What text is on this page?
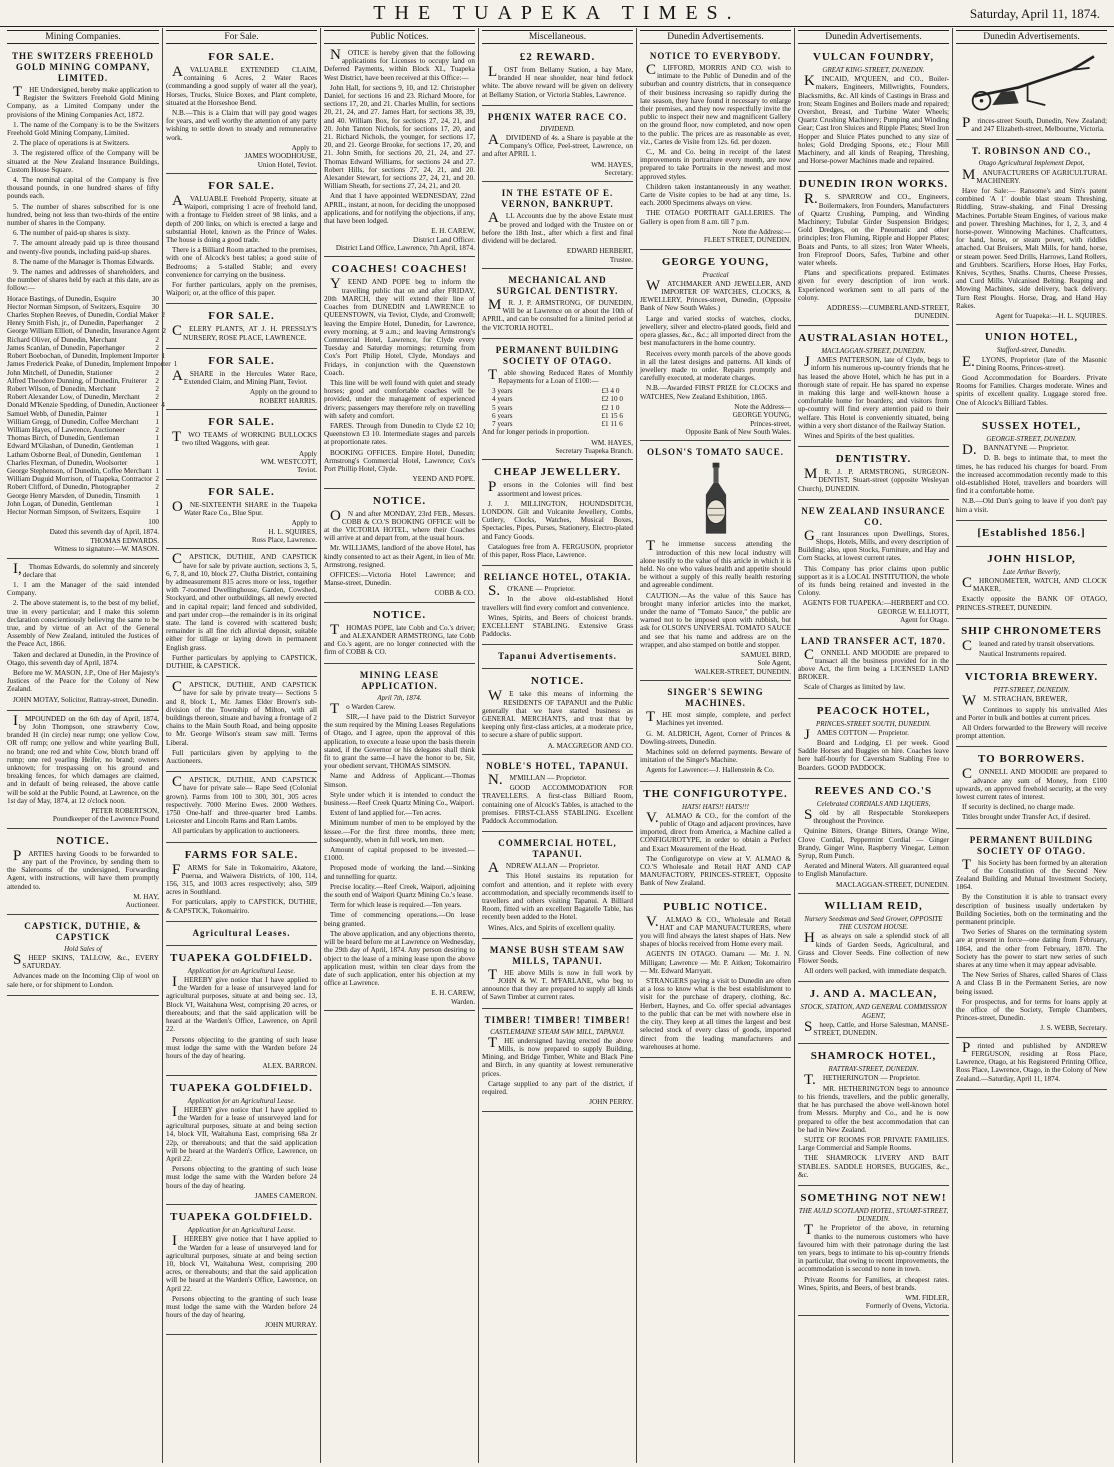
THE TUAPEKA TIMES.	Saturday, April 11, 1874.
Mining Companies.
THE SWITZERS FREEHOLD GOLD MINING COMPANY, LIMITED.

THE Undersigned, hereby make application to Register the Switzers Freehold Gold Mining Company, as a Limited Company under the provisions of the Mining Companies Act, 1872.

1. The name of the Company is to be the Switzers Freehold Gold Mining Company, Limited.

2. The place of operations is at Switzers.

3. The registered office of the Company will be situated at the New Zealand Insurance Buildings, Custom House Square.

4. The nominal capital of the Company is five thousand pounds, in one hundred shares of fifty pounds each.

5. The number of shares subscribed for is one hundred, being not less than two-thirds of the entire number of shares in the Company.

6. The number of paid-up shares is sixty.

7. The amount already paid up is three thousand and twenty-five pounds, including paid-up shares.

8. The name of the Manager is Thomas Edwards.

9. The names and addresses of shareholders, and the number of shares held by each at this date, are as follow:—

Horace Bastings, of Dunedin, Esquire	30
Hector Norman Simpson, of Switzers, Esquire	30
Charles Stephen Reeves, of Dunedin, Cordial Maker 2
Henry Smith Fish, jr., of Dunedin, Paperhanger	2
George William Elliott, of Dunedin, Insurance Agent 2
Richard Oliver, of Dunedin, Merchant	2
James Scanlan, of Dunedin, Paperhanger	2
Robert Boebochan, of Dunedin, Implement Importer 1
James Frederick Peake, of Dunedin, Implement Importer 1
John Mitchell, of Dunedin, Stationer	2
Alfred Theodore Dunning, of Dunedin, Fruiterer	2
Robert Wilson, of Dunedin, Merchant	2
Robert Alexander Low, of Dunedin, Merchant	2
Donald M'Kenzie Spedding, of Dunedin, Auctioneer 4
Samuel Webb, of Dunedin, Painter	1
William Gregg, of Dunedin, Coffee Merchant	1
William Hayes, of Lawrence, Auctioneer	2
Thomas Birch, of Dunedin, Gentleman	1
Edward M'Glashan, of Dunedin, Gentleman	1
Latham Osborne Beal, of Dunedin, Gentleman	1
Charles Flexman, of Dunedin, Woolsorter	1
George Stephenson, of Dunedin, Coffee Merchant 1
William Duguid Morrison, of Tuapeka, Contractor 2
Robert Clifford, of Dunedin, Photographer	2
George Henry Marsden, of Dunedin, Tinsmith	1
John Logan, of Dunedin, Gentleman	1
Hector Norman Simpson, of Switzers, Esquire	1
100
Dated this seventh day of April, 1874.
THOMAS EDWARDS.
Witness to signature:—W. MASON.

I,Thomas Edwards, do solemnly and sincerely declare that

1. I am the Manager of the said intended Company.

2. The above statement is, to the best of my belief, true in every particular; and I make this solemn declaration conscientiously believing the same to be true, and by virtue of an Act of the General Assembly of New Zealand, intituled the Justices of the Peace Act, 1866.

Taken and declared at Dunedin, in the Province of Otago, this seventh day of April, 1874.

Before me W. MASON, J.P., One of Her Majesty's Justices of the Peace for the Colony of New Zealand.

JOHN MOTAY, Solicitor, Rattray-street, Dunedin.

IMPOUNDED on the 6th day of April, 1874, by John Thompson, one strawberry Cow, branded H (in circle) near rump; one yellow Cow, OR off rump; one yellow and white yearling Bull, no brand; one red and white Cow, blotch brand off rump; one red yearling Heifer, no brand; owners unknown; for trespassing on his ground and breaking fences, for which damages are claimed, and in default of being released, the above cattle will be sold at the Public Pound, at Lawrence, on the 1st day of May, 1874, at 12 o'clock noon.

PETER ROBERTSON,
Poundkeeper of the Lawrence Pound
NOTICE.

PARTIES having Goods to be forwarded to any part of the Province, by sending them to the Salerooms of the undersigned, Forwarding Agent, with instructions, will have them promptly attended to.

M. HAY,
Auctioneer.
CAPSTICK, DUTHIE, & CAPSTICK
Hold Sales of

SHEEP SKINS, TALLOW, &c., EVERY SATURDAY.

Advances made on the Incoming Clip of wool on sale here, or for shipment to London.

For Sale.
FOR SALE.

AVALUABLE EXTENDED CLAIM, containing 6 Acres, 2 Water Races (commanding a good supply of water all the year), Horses, Trucks, Sluice Boxes, and Plant complete, situated at the Horseshoe Bend.

N.B.—This is a Claim that will pay good wages for years, and well worthy the attention of any party wishing to settle down to steady and remunerative work.

Apply to
JAMES WOODHOUSE,
Union Hotel, Teviot.
FOR SALE.

AVALUABLE Freehold Property, situate at Waipori, comprising 1 acre of freehold land, with a frontage to Fielden street of 98 links, and a depth of 200 links, on which is erected a large and substantial Hotel, known as the Prince of Wales. The house is doing a good trade.

There is a Billiard Room attached to the premises, with one of Alcock's best tables; a good suite of Bedrooms; a 5-stalled Stable; and every convenience for carrying on the business.

For further particulars, apply on the premises, Waipori; or, at the office of this paper.

FOR SALE.

CELERY PLANTS, AT J. H. PRESSLY'S NURSERY, ROSE PLACE, LAWRENCE.

FOR SALE.

ASHARE in the Hercules Water Race, Extended Claim, and Mining Plant, Teviot.

Apply on the ground to
ROBERT HARRIS.
FOR SALE.

TWO TEAMS of WORKING BULLOCKS two tilted Waggons, with gear.

Apply
WM. WESTCOTT,
Teviot.
FOR SALE.

ONE-SIXTEENTH SHARE in the Tuapeka Water Race Co., Blue Spur.

Apply to
H. L. SQUIRES,
Ross Place, Lawrence.

CAPSTICK, DUTHIE, AND CAPSTICK have for sale by private auction, sections 3, 5, 6, 7, 8, and 10, block 27, Clutha District, containing by admeasurement 815 acres more or less, together with 7-roomed Dwellinghouse, Garden, Cowshed, Stockyard, and other outbuildings, all newly erected and in capital repair; land fenced and subdivided, and part under crop—the remainder is in its original state. The land is covered with scattered bush; remainder is all fine rich alluvial deposit, suitable either for tillage or laying down in permanent English grass.

Further particulars by applying to CAPSTICK, DUTHIE, & CAPSTICK.

CAPSTICK, DUTHIE, AND CAPSTICK have for sale by private treaty— Sections 5 and 8, block I., Mr. James Elder Brown's sub-division of the Township of Milton, with all buildings thereon, situate and having a frontage of 2 chains to the Main South Road, and being opposite to Mr. George Wilson's steam saw mill. Terms Liberal.

Full particulars given by applying to the Auctioneers.

CAPSTICK, DUTHIE, AND CAPSTICK have for private sale— Rape Seed (Colonial grown). Farms from 100 to 300, 301, 305 acres respectively. 7000 Merino Ewes. 2000 Wethers. 1750 One-half and three-quarter bred Lambs. Leicester and Lincoln Rams and Ram Lambs.

All particulars by application to auctioneers.

FARMS FOR SALE.

FARMS for Sale in Tokomairiro, Akatore, Puerua, and Waiwera Districts, of 100, 114, 156, 315, and 1003 acres respectively; also, 509 acres in Southland.

For particulars, apply to CAPSTICK, DUTHIE, & CAPSTICK, Tokomairiro.

Agricultural Leases.
TUAPEKA GOLDFIELD.
Application for an Agricultural Lease.

IHEREBY give notice that I have applied to the Warden for a lease of unsurveyed land for agricultural purposes, situate at and being sec. 13, Block VI, Waitahuna West, comprising 20 acres, or thereabouts; and that the said application will be heard at the Warden's Office, Lawrence, on April 22.

Persons objecting to the granting of such lease must lodge the same with the Warden before 24 hours of the day of hearing.

ALEX. BARRON.
TUAPEKA GOLDFIELD.
Application for an Agricultural Lease.

IHEREBY give notice that I have applied to the Warden for a lease of unsurveyed land for agricultural purposes, situate at and being section 14, block VII, Waitahuna East, comprising 68a 2r 22p, or thereabouts; and that the said application will be heard at the Warden's Office, Lawrence, on April 22.

Persons objecting to the granting of such lease must lodge the same with the Warden before 24 hours of the day of hearing.

JAMES CAMERON.
TUAPEKA GOLDFIELD.
Application for an Agricultural Lease.

IHEREBY give notice that I have applied to the Warden for a lease of unsurveyed land for agricultural purposes, situate at and being section 10, block VI, Waitahuna West, comprising 200 acres, or thereabouts; and that the said application will be heard at the Warden's Office, Lawrence, on April 22.

Persons objecting to the granting of such lease must lodge the same with the Warden before 24 hours of the day of hearing.

JOHN MURRAY.
Public Notices.

NOTICE is hereby given that the following applications for Licenses to occupy land on Deferred Payments, within Block XI., Tuapeka West District, have been received at this Office:—

John Hall, for sections 9, 10, and 12. Christopher Daniel, for sections 16 and 23. Richard Moore, for sections 17, 20, and 21. Charles Mullin, for sections 20, 21, 24, and 27. James Hart, for sections 38, 39, and 40. William Box, for sections 27, 24, 21, and 20. John Tanton Nichols, for sections 17, 20, and 21. Richard Nichols, the younger, for sections 17, 20, and 21. George Brooke, for sections 17, 20, and 21. John Smith, for sections 20, 21, 24, and 27. Thomas Edward Williams, for sections 24 and 27. Robert Hills, for sections 27, 24, 21, and 20. Alexander Stewart, for sections 27, 24, 21, and 20. William Sheath, for sections 27, 24, 21, and 20.

And that I have appointed WEDNESDAY, 22nd APRIL, instant, at noon, for deciding the unopposed applications, and for notifying the objections, if any, that have been lodged.

E. H. CAREW,
District Land Officer.
District Land Office, Lawrence, 7th April, 1874.
COACHES! COACHES!

YEEND AND POPE beg to inform the travelling public that on and after FRIDAY, 20th MARCH, they will extend their line of Coaches from DUNEDIN and LAWRENCE to QUEENSTOWN, via Teviot, Clyde, and Cromwell; leaving the Empire Hotel, Dunedin, for Lawrence, every morning, at 9 a.m.; and leaving Armstrong's Commercial Hotel, Lawrence, for Clyde every Tuesday and Saturday mornings; returning from Cox's Port Philip Hotel, Clyde, Mondays and Fridays, in conjunction with the Queenstown Coach.

This line will be well found with quiet and steady horses; good and comfortable coaches will be provided, under the management of experienced drivers; passengers may therefore rely on travelling with safety and comfort.

FARES. Through from Dunedin to Clyde £2 10; Queenstown £3 10. Intermediate stages and parcels at proportionate rates.

BOOKING OFFICES. Empire Hotel, Dunedin; Armstrong's Commercial Hotel, Lawrence; Cox's Port Phillip Hotel, Clyde.

YEEND AND POPE.
NOTICE.

ON and after MONDAY, 23rd FEB., Messrs. COBB & CO.'S BOOKING OFFICE will be at the VICTORIA HOTEL, where their Coaches will arrive at and depart from, at the usual hours.

Mr. WILLIAMS, landlord of the above Hotel, has kindly consented to act as their Agent, in lieu of Mr. Armstrong, resigned.

OFFICES:—Victoria Hotel Lawrence; and Manse-street, Dunedin.

COBB & CO.
NOTICE.

THOMAS POPE, late Cobb and Co.'s driver; and ALEXANDER ARMSTRONG, late Cobb and Co.'s agent, are no longer connected with the firm of COBB & CO.

MINING LEASE APPLICATION.
April 7th, 1874.

To Warden Carew.

SIR,—I have paid to the District Surveyor the sum required by the Mining Leases Regulations of Otago, and I agree, upon the approval of this application, to execute a lease upon the basis therein stated, if the Governor or his delegates shall think fit to grant the same—I have the honor to be, Sir, your obedient servant, THOMAS SIMSON.

Name and Address of Applicant.—Thomas Simson.

Style under which it is intended to conduct the business.—Reef Creek Quartz Mining Co., Waipori.

Extent of land applied for.—Ten acres.

Minimum number of men to be employed by the lessee.—For the first three months, three men; subsequently, when in full work, ten men.

Amount of capital proposed to be invested.—£1000.

Proposed mode of working the land.—Sinking and tunnelling for quartz.

Precise locality.—Reef Creek, Waipori, adjoining the south end of Waipori Quartz Mining Co.'s lease.

Term for which lease is required.—Ten years.

Time of commencing operations.—On lease being granted.

The above application, and any objections thereto, will be heard before me at Lawrence on Wednesday, the 29th day of April, 1874. Any person desiring to object to the lease of a mining lease upon the above application must, within ten clear days from the date of such application, enter his objection at my office at Lawrence.

E. H. CAREW,
Warden.
Miscellaneous.
£2 REWARD.

LOST from Bellamy Station, a bay Mare, branded H near shoulder, near hind fetlock white. The above reward will be given on delivery at Bellamy Station, or Victoria Stables, Lawrence.

PHŒNIX WATER RACE CO.
DIVIDEND.

ADIVIDEND of 4s. a Share is payable at the Company's Office, Peel-street, Lawrence, on and after APRIL 1.

WM. HAYES,
Secretary.
IN THE ESTATE OF E. VERNON, BANKRUPT.

ALL Accounts due by the above Estate must be proved and lodged with the Trustee on or before the 18th Inst., after which a first and final dividend will be declared.

EDWARD HERBERT,
Trustee.
MECHANICAL AND SURGICAL DENTISTRY.

MR. J. P. ARMSTRONG, OF DUNEDIN, Will be at Lawrence on or about the 10th of APRIL, and can be consulted for a limited period at the VICTORIA HOTEL.

PERMANENT BUILDING SOCIETY OF OTAGO.

Table showing Reduced Rates of Monthly Repayments for a Loan of £100:—

3 years	£3 4 0
4 years	£2 10 0
5 years	£2 1 0
6 years	£1 15 6
7 years	£1 11 6
And for longer periods in proportion.
WM. HAYES,
Secretary Tuapeka Branch.
CHEAP JEWELLERY.

Persons in the Colonies will find best assortment and lowest prices.

J. J. MILLINGTON, HOUNDSDITCH, LONDON. Gilt and Vulcanite Jewellery, Combs, Cutlery, Clocks, Watches, Musical Boxes, Spectacles, Pipes, Purses, Stationery, Electro-plated and Fancy Goods.

Catalogues free from A. FERGUSON, proprietor of this paper, Ross Place, Lawrence.

RELIANCE HOTEL, OTAKIA.

S.O'KANE — Proprietor.

In the above old-established Hotel travellers will find every comfort and convenience.

Wines, Spirits, and Beers of choicest brands. EXCELLENT STABLING. Extensive Grass Paddocks.

Tapanui Advertisements.
NOTICE.

WE take this means of informing the RESIDENTS OF TAPANUI and the Public generally that we have started business as GENERAL MERCHANTS, and trust that by keeping only first-class articles, at a moderate price, to secure a share of public support.

A. MACGREGOR AND CO.
NOBLE'S HOTEL, TAPANUI.

N.M'MILLAN — Proprietor.

GOOD ACCOMMODATION FOR TRAVELLERS. A first-class Billiard Room, containing one of Alcock's Tables, is attached to the premises. FIRST-CLASS STABLING. Excellent Paddock Accommodation.

COMMERCIAL HOTEL, TAPANUI.

ANDREW ALLAN — Proprietor.

This Hotel sustains its reputation for comfort and attention, and it replete with every accommodation, and specially recommends itself to travellers and others visiting Tapanui. A Billiard Room, fitted with an excellent Bagatelle Table, has recently been added to the Hotel.

Wines, Alcs, and Spirits of excellent quality.

MANSE BUSH STEAM SAW MILLS, TAPANUI.

THE above Mills is now in full work by JOHN & W. T. M'FARLANE, who beg to announce that they are prepared to supply all kinds of Sawn Timber at current rates.

TIMBER! TIMBER! TIMBER!
CASTLEMAINE STEAM SAW MILL, TAPANUI.

THE undersigned having erected the above Mills, is now prepared to supply Building, Mining, and Bridge Timber, White and Black Pine and Birch, in any quantity at lowest remunerative prices.

Cartage supplied to any part of the district, if required.

JOHN PERRY.
Dunedin Advertisements.
NOTICE TO EVERYBODY.

CLIFFORD, MORRIS AND CO. wish to intimate to the Public of Dunedin and of the suburban and country districts, that in consequence of their business increasing so rapidly during the late season, they have found it necessary to enlarge their premises, and they now respectfully invite the public to inspect their new and magnificent Gallery on the ground floor, now completed, and now open to the public. The prices are as reasonable as ever, viz., Cartes de Visite from 12s. 6d. per dozen.

C., M. and Co. being in receipt of the latest improvements in portraiture every month, are now prepared to take Portraits in the newest and most approved styles.

Children taken instantaneously in any weather. Carte de Visite copies to be had at any time, 1s. each. 2000 Specimens always on view.

THE OTAGO PORTRAIT GALLERIES. The Gallery is open from 8 a.m. till 7 p.m.

Note the Address:—
FLEET STREET, DUNEDIN.
GEORGE YOUNG,
Practical

WATCHMAKER AND JEWELLER, AND IMPORTER OF WATCHES, CLOCKS, & JEWELLERY, Princes-street, Dunedin, (Opposite Bank of New South Wales.)

Large and varied stocks of watches, clocks, jewellery, silver and electro-plated goods, field and opera glasses, &c., &c.; all imported direct from the best manufacturers in the home country.

Receives every month parcels of the above goods in all the latest designs and patterns. All kinds of jewellery made to order. Repairs promptly and carefully executed, at moderate charges.

N.B.—Awarded FIRST PRIZE for CLOCKS and WATCHES, New Zealand Exhibition, 1865.

Note the Address—
GEORGE YOUNG,
Princes-street,
Opposite Bank of New South Wales.
OLSON'S TOMATO SAUCE.

The immense success attending the introduction of this new local industry will alone testify to the value of this article in which it is held. No one who values health and appetite should be without a supply of this really health restoring and agreeable condiment.

CAUTION.—As the value of this Sauce has brought many inferior articles into the market, under the name of "Tomato Sauce," the public are warned not to be imposed upon with rubbish, but ask for OLSON'S UNIVERSAL TOMATO SAUCE and see that his name and address are on the wrapper, and also stamped on bottle and stopper.

SAMUEL BIRD,
Sole Agent,
WALKER-STREET, DUNEDIN.
SINGER'S SEWING MACHINES.

THE most simple, complete, and perfect Machines yet invented.

G. M. ALDRICH, Agent, Corner of Princes & Dowling-streets, Dunedin.

Machines sold on deferred payments. Beware of imitation of the Singer's Machine.

Agents for Lawrence:—J. Hallenstein & Co.

THE CONFIGUROTYPE.
HATS! HATS!! HATS!!!

V.ALMAO & CO., for the comfort of the public of Otago and adjacent provinces, have imported, direct from America, a Machine called a CONFIGUROTYPE, in order to obtain a Perfect and Exact Measurement of the Head.

The Configurotype on view at V. ALMAO & CO.'S Wholesale and Retail HAT AND CAP MANUFACTORY, PRINCES-STREET, Opposite Bank of New Zealand.

PUBLIC NOTICE.

V.ALMAO & CO., Wholesale and Retail HAT and CAP MANUFACTURERS, where you will find always the latest shapes of Hats. New shapes of blocks received from Home every mail.

AGENTS IN OTAGO. Oamaru — Mr. J. N. Milligan; Lawrence — Mr. P. Aitken; Tokomairiro — Mr. Edward Marryatt.

STRANGERS paying a visit to Dunedin are often at a loss to know what is the best establishment to visit for the purchase of drapery, clothing, &c. Herbert, Haynes, and Co. offer special advantages to the public that can be met with nowhere else in the city. They keep at all times the largest and best selected stock of every class of goods, imported direct from the leading manufacturers and warehouses at home.

Dunedin Advertisements.
VULCAN FOUNDRY,
GREAT KING-STREET, DUNEDIN.

KINCAID, M'QUEEN, and CO., Boiler-makers, Engineers, Millwrights, Founders, Blacksmiths, &c. All kinds of Castings in Brass and Iron; Steam Engines and Boilers made and repaired; Overshot, Breast, and Turbine Water Wheels; Quartz Crushing Machinery; Pumping and Winding Gear; Cast Iron Sluices and Ripple Plates; Steel Iron Hopper and Sluice Plates punched to any size of holes; Gold Dredging Spoons, etc.; Flour Mill Machinery, and all kinds of Reaping, Threshing, and Horse-power Machines made and repaired.

DUNEDIN IRON WORKS.

R.S. SPARROW and CO., Engineers, Boilermakers, Iron Founders, Manufacturers of Quartz Crushing, Pumping, and Winding Machinery; Tubular Girder Suspension Bridges; Gold Dredges, on the Pneumatic and other principles; Iron Fluming, Ripple and Hopper Plates; Boats and Punts, to all sizes; Iron Water Wheels, Iron Fireproof Doors, Safes, Turbine and other water wheels.

Plans and specifications prepared. Estimates given for every description of iron work. Experienced workmen sent to all parts of the colony.

ADDRESS:—CUMBERLAND-STREET,
DUNEDIN.
AUSTRALASIAN HOTEL,
MACLAGGAN-STREET, DUNEDIN.

JAMES PATTERSON, late of Clyde, begs to inform his numerous up-country friends that he has leased the above Hotel, which he has put in a thorough state of repair. He has spared no expense in making this large and well-known house a comfortable home for boarders; and visitors from up-country will find every attention paid to their welfare. This Hotel is conveniently situated, being within a very short distance of the Railway Station.

Wines and Spirits of the best qualities.

DENTISTRY.

MR. J. P. ARMSTRONG, SURGEON-DENTIST, Stuart-street (opposite Wesleyan Church), DUNEDIN.

NEW ZEALAND INSURANCE CO.

Grant Insurances upon Dwellings, Stores, Shops, Hotels, Mills, and every description of Building; also, upon Stocks, Furniture, and Hay and Corn Stacks, at lowest current rates.

This Company has prior claims upon public support as it is a LOCAL INSTITUTION, the whole of its funds being retained and invested in the Colony.

AGENTS FOR TUAPEKA:—HERBERT and CO.
GEORGE W. ELLIOTT,
Agent for Otago.
LAND TRANSFER ACT, 1870.

CONNELL AND MOODIE are prepared to transact all the business provided for in the above Act, the firm being a LICENSED LAND BROKER.

Scale of Charges as limited by law.

PEACOCK HOTEL,
PRINCES-STREET SOUTH, DUNEDIN.

JAMES COTTON — Proprietor.

Board and Lodging, £1 per week. Good Saddle Horses and Buggies on hire. Coaches leave here half-hourly for Caversham Stabling Free to Boarders. GOOD PADDOCK.

REEVES AND CO.'S
Celebrated CORDIALS AND LIQUERS,

Sold by all Respectable Storekeepers throughout the Province.

Quinine Bitters, Orange Bitters, Orange Wine, Clove Cordial, Peppermint Cordial — Ginger Brandy, Ginger Wine, Raspberry Vinegar, Lemon Syrup, Rum Punch.

Aerated and Mineral Waters. All guaranteed equal to English Manufacture.

MACLAGGAN-STREET, DUNEDIN.
WILLIAM REID,
Nursery Seedsman and Seed Grower, OPPOSITE THE CUSTOM HOUSE.

Has always on sale a splendid stock of all kinds of Garden Seeds, Agricultural, and Grass and Clover Seeds. Fine collection of new Flower Seeds.

All orders well packed, with immediate despatch.

J. AND A. MACLEAN,
STOCK, STATION, AND GENERAL COMMISSION AGENT,

Sheep, Cattle, and Horse Salesman, MANSE-STREET, DUNEDIN.

SHAMROCK HOTEL,
RATTRAY-STREET, DUNEDIN.

T.HETHERINGTON — Proprietor.

MR. HETHERINGTON begs to announce to his friends, travellers, and the public generally, that he has purchased the above well-known hotel from Messrs. Murphy and Co., and he is now prepared to offer the best accommodation that can be had in New Zealand.

SUITE OF ROOMS FOR PRIVATE FAMILIES. Large Commercial and Sample Rooms.

THE SHAMROCK LIVERY AND BAIT STABLES. SADDLE HORSES, BUGGIES, &c., &c.

SOMETHING NOT NEW!
THE AULD SCOTLAND HOTEL, STUART-STREET, DUNEDIN.

The Proprietor of the above, in returning thanks to the numerous customers who have favoured him with their patronage during the last ten years, begs to intimate to his up-country friends in particular, that owing to recent improvements, the accommodation is second to none in town.

Private Rooms for Families, at cheapest rates. Wines, Spirits, and Beers, of best brands.

WM. FIDLER,
Formerly of Ovens, Victoria.
Dunedin Advertisements.

Princes-street South, Dunedin, New Zealand; and 247 Elizabeth-street, Melbourne, Victoria.

T. ROBINSON AND CO.,
Otago Agricultural Implement Depot,

MANUFACTURERS OF AGRICULTURAL MACHINERY.

Have for Sale:— Ransome's and Sim's patent combined 'A 1' double blast steam Threshing, Riddling, Straw-shaking, and Final Dressing Machines. Portable Steam Engines, of various make and power. Threshing Machines, for 1, 2, 3, and 4 horse-power. Winnowing Machines. Chaffcutters, for hand, horse, or steam power, with riddles attached. Oat Bruisers, Malt Mills, for hand, horse, or steam power. Seed Drills, Harrows, Land Rollers, and Grubbers. Scarifiers, Horse Hoes, Hay Forks, Knives, Scythes, Snaths. Churns, Cheese Presses, and Curd Mills. Vulcanised Belting. Reaping and Mowing Machines, side delivery, back delivery. Turn Rest Ploughs. Horse, Drag, and Hand Hay Rakes.

Agent for Tuapeka:—H. L. SQUIRES.
UNION HOTEL,
Stafford-street, Dunedin.

E.LYONS, Proprietor (late of the Masonic Dining Rooms, Princes-street).

Good Accommodation for Boarders. Private Rooms for Families. Charges moderate. Wines and spirits of excellent quality. Luggage stored free. One of Alcock's Billiard Tables.

SUSSEX HOTEL,
GEORGE-STREET, DUNEDIN.

D.BANNATYNE — Proprietor.

D. B. begs to intimate that, to meet the times, he has reduced his charges for board. From the increased accommodation recently made to this old-established Hotel, travellers and boarders will find it a comfortable home.

N.B.—Old Dun's going to leave if you don't pay him a visit.

[Established 1856.]
JOHN HISLOP,
Late Arthur Beverly,

CHRONOMETER, WATCH, AND CLOCK MAKER,

Exactly opposite the BANK OF OTAGO, PRINCES-STREET, DUNEDIN.

SHIP CHRONOMETERS

Cleaned and rated by transit observations.

Nautical Instruments repaired.

VICTORIA BREWERY.
PITT-STREET, DUNEDIN.

WM. STRACHAN, BREWER,

Continues to supply his unrivalled Ales and Porter in bulk and bottles at current prices.

All Orders forwarded to the Brewery will receive prompt attention.

TO BORROWERS.

CONNELL AND MOODIE are prepared to advance any sum of Money, from £100 upwards, on approved freehold security, at the very lowest current rates of interest.

If security is declined, no charge made.

Titles brought under Transfer Act, if desired.

PERMANENT BUILDING SOCIETY OF OTAGO.

This Society has been formed by an alteration of the Constitution of the Second New Zealand Building and Mutual Investment Society, 1864.

By the Constitution it is able to transact every description of business usually undertaken by Building Societies, both on the terminating and the permanent principle.

Two Series of Shares on the terminating system are at present in force—one dating from February, 1864, and the other from February, 1870. The Society has the power to start new series of such shares at any time when it may appear advisable.

The New Series of Shares, called Shares of Class A and Class B in the Permanent Series, are now being issued.

For prospectus, and for terms for loans apply at the office of the Society, Temple Chambers, Princes-street, Dunedin.

J. S. WEBB, Secretary.

Printed and published by ANDREW FERGUSON, residing at Ross Place, Lawrence, Otago, at his Registered Printing Office, Ross Place, Lawrence, Otago, in the Colony of New Zealand.—Saturday, April 11, 1874.
